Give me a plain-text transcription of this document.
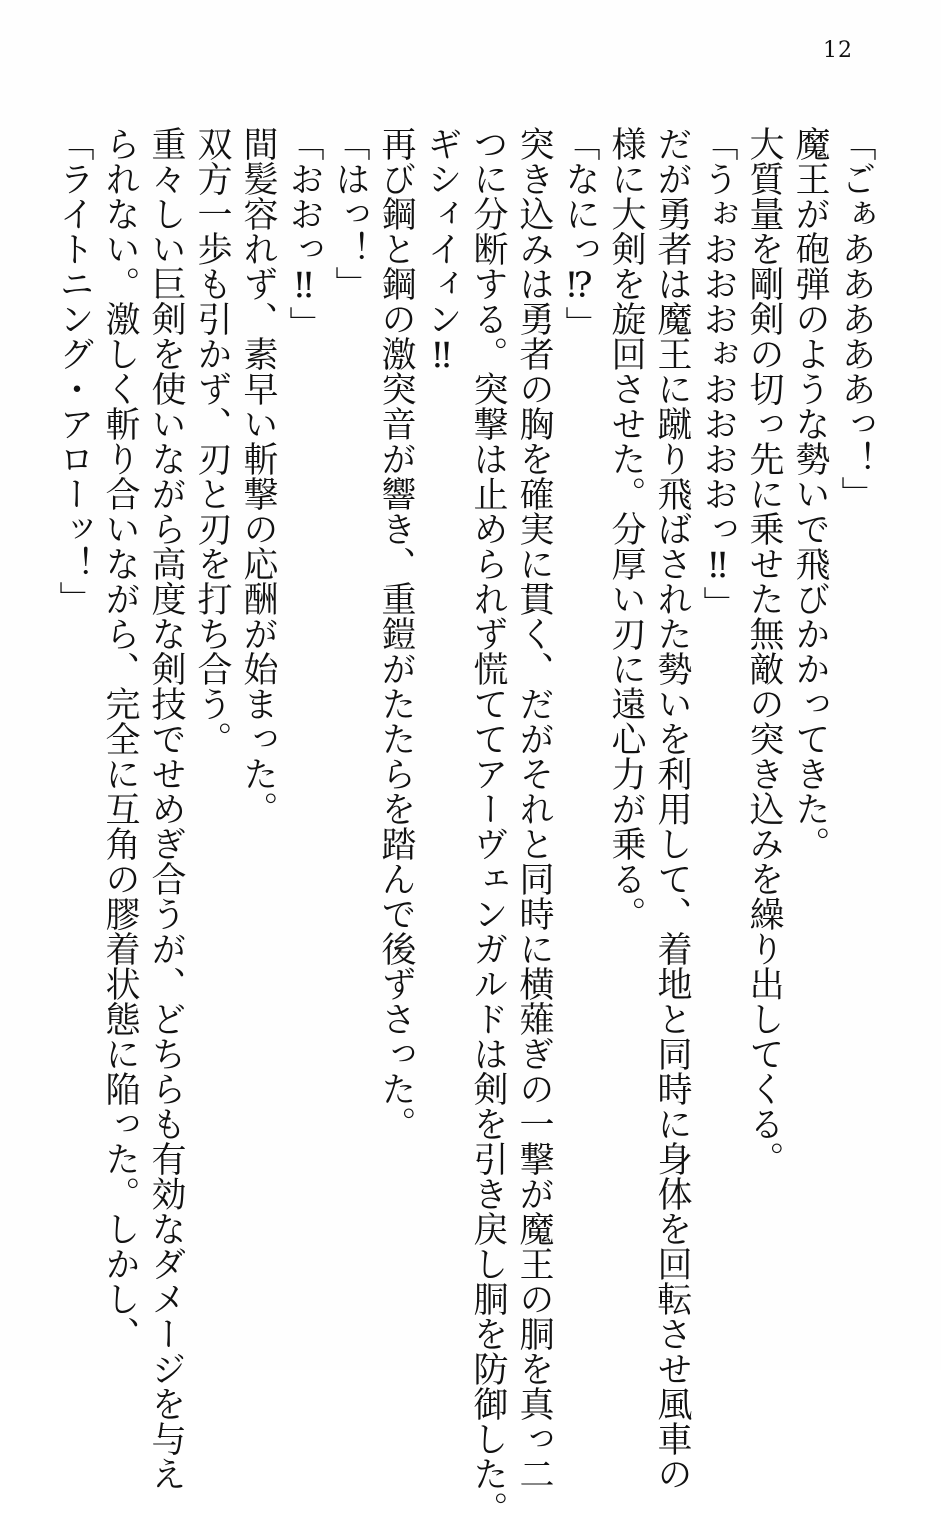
12
「ごぁあああああっ！」
魔王が砲弾のような勢いで飛びかかってきた。
大質量を剛剣の切っ先に乗せた無敵の突き込みを繰り出してくる。
「うぉおおおぉおおおおっ‼」
だが勇者は魔王に蹴り飛ばされた勢いを利用して、着地と同時に身体を回転させ風車の
様に大剣を旋回させた。分厚い刃に遠心力が乗る。
「なにっ⁉」
突き込みは勇者の胸を確実に貫く、だがそれと同時に横薙ぎの一撃が魔王の胴を真っ二
つに分断する。突撃は止められず慌ててアーヴェンガルドは剣を引き戻し胴を防御した。
ギシィイィン‼
再び鋼と鋼の激突音が響き、重鎧がたたらを踏んで後ずさった。
「はっ！」
「おおっ‼」
間髪容れず、素早い斬撃の応酬が始まった。
双方一歩も引かず、刃と刃を打ち合う。
重々しい巨剣を使いながら高度な剣技でせめぎ合うが、どちらも有効なダメージを与え
られない。激しく斬り合いながら、完全に互角の膠着状態に陥った。しかし、
「ライトニング・アローッ！」
